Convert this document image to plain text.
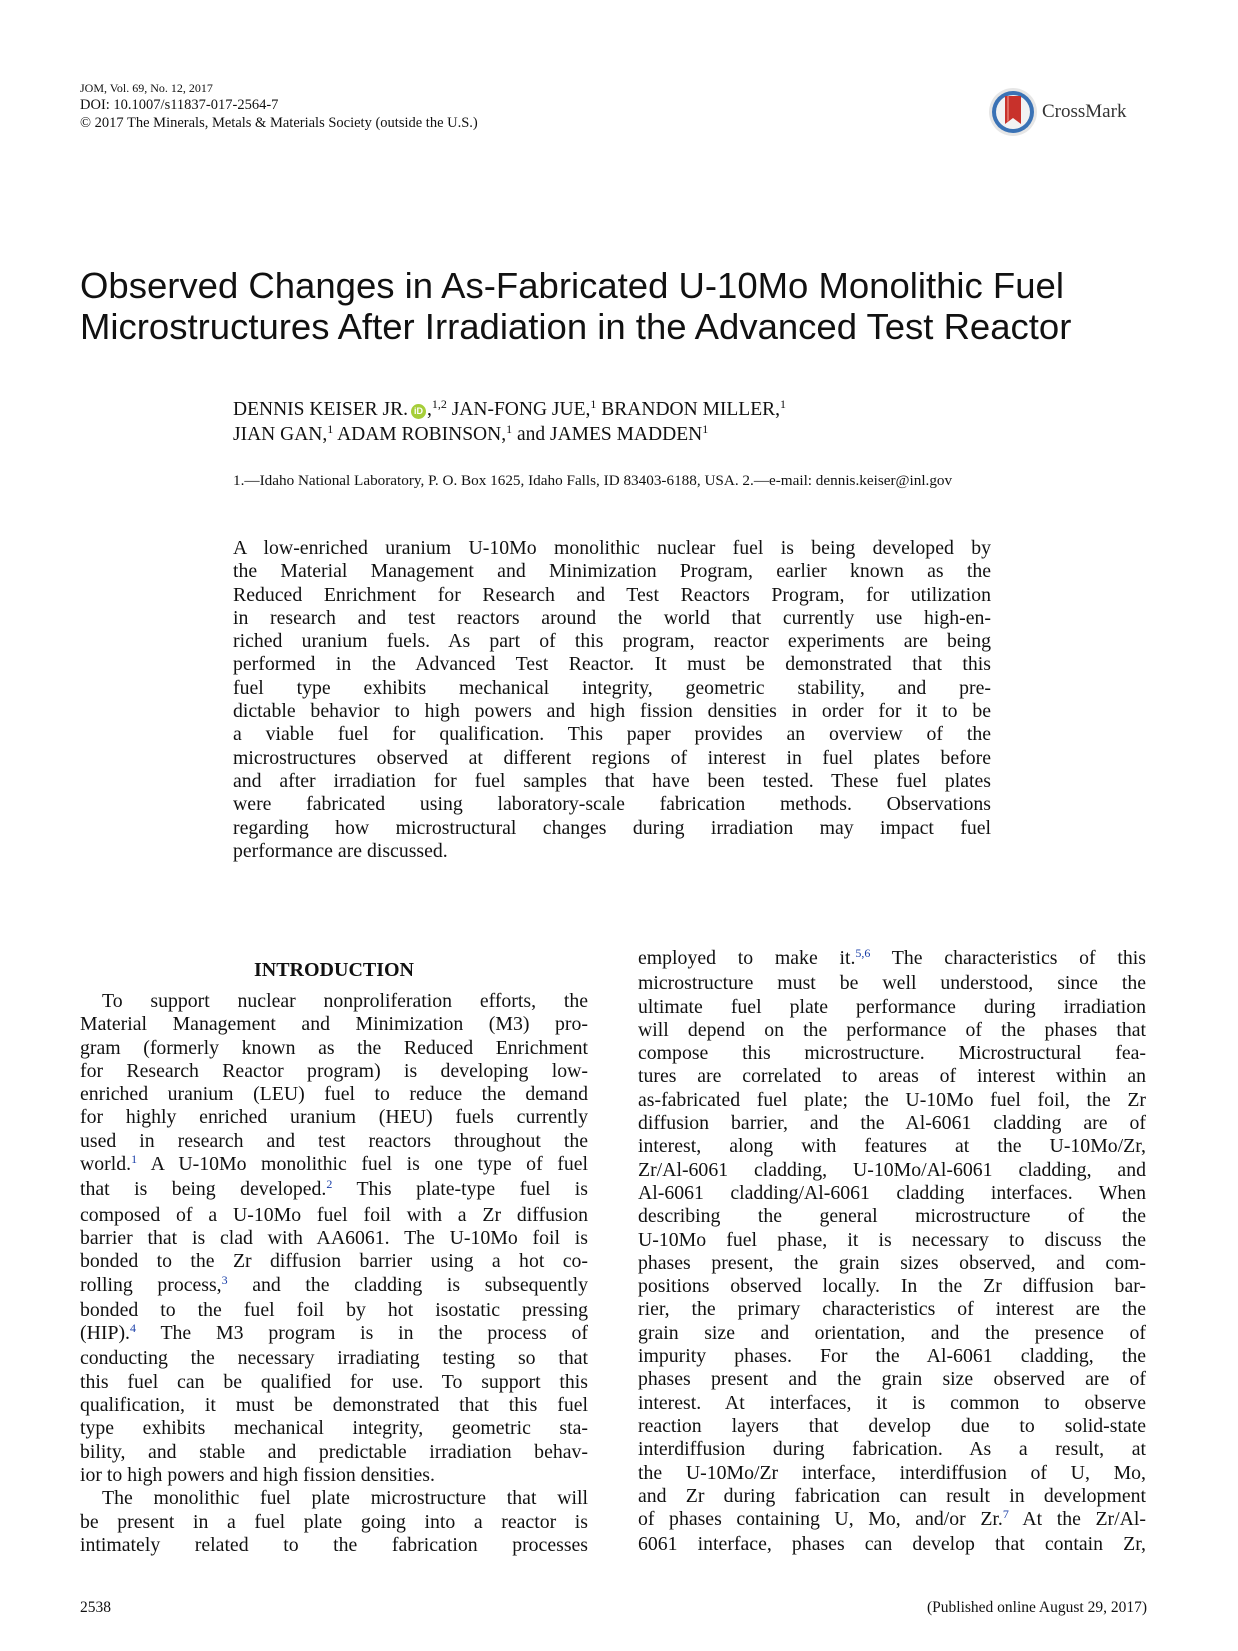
JOM, Vol. 69, No. 12, 2017

DOI: 10.1007/s11837-017-2564-7

© 2017 The Minerals, Metals & Materials Society (outside the U.S.)

CrossMark
Observed Changes in As-Fabricated U-10Mo Monolithic Fuel
Microstructures After Irradiation in the Advanced Test Reactor
DENNIS KEISER JR. iD ,$^{1,2}$ JAN-FONG JUE,$^1$ BRANDON MILLER,$^1$
JIAN GAN,$^1$ ADAM ROBINSON,$^1$ and JAMES MADDEN$^1$
1.—Idaho National Laboratory, P. O. Box 1625, Idaho Falls, ID 83403-6188, USA. 2.—e-mail: dennis.keiser@inl.gov
A low-enriched uranium U-10Mo monolithic nuclear fuel is being developed by
the Material Management and Minimization Program, earlier known as the
Reduced Enrichment for Research and Test Reactors Program, for utilization
in research and test reactors around the world that currently use high-en-
riched uranium fuels. As part of this program, reactor experiments are being
performed in the Advanced Test Reactor. It must be demonstrated that this
fuel type exhibits mechanical integrity, geometric stability, and pre-
dictable behavior to high powers and high fission densities in order for it to be
a viable fuel for qualification. This paper provides an overview of the
microstructures observed at different regions of interest in fuel plates before
and after irradiation for fuel samples that have been tested. These fuel plates
were fabricated using laboratory-scale fabrication methods. Observations
regarding how microstructural changes during irradiation may impact fuel
performance are discussed.
INTRODUCTION
To support nuclear nonproliferation efforts, the
Material Management and Minimization (M3) pro-
gram (formerly known as the Reduced Enrichment
for Research Reactor program) is developing low-
enriched uranium (LEU) fuel to reduce the demand
for highly enriched uranium (HEU) fuels currently
used in research and test reactors throughout the
world.$^1$ A U-10Mo monolithic fuel is one type of fuel
that is being developed.$^2$ This plate-type fuel is
composed of a U-10Mo fuel foil with a Zr diffusion
barrier that is clad with AA6061. The U-10Mo foil is
bonded to the Zr diffusion barrier using a hot co-
rolling process,$^3$ and the cladding is subsequently
bonded to the fuel foil by hot isostatic pressing
(HIP).$^4$ The M3 program is in the process of
conducting the necessary irradiating testing so that
this fuel can be qualified for use. To support this
qualification, it must be demonstrated that this fuel
type exhibits mechanical integrity, geometric sta-
bility, and stable and predictable irradiation behav-
ior to high powers and high fission densities.
The monolithic fuel plate microstructure that will
be present in a fuel plate going into a reactor is
intimately related to the fabrication processes
employed to make it.$^{5,6}$ The characteristics of this
microstructure must be well understood, since the
ultimate fuel plate performance during irradiation
will depend on the performance of the phases that
compose this microstructure. Microstructural fea-
tures are correlated to areas of interest within an
as-fabricated fuel plate; the U-10Mo fuel foil, the Zr
diffusion barrier, and the Al-6061 cladding are of
interest, along with features at the U-10Mo/Zr,
Zr/Al-6061 cladding, U-10Mo/Al-6061 cladding, and
Al-6061 cladding/Al-6061 cladding interfaces. When
describing the general microstructure of the
U-10Mo fuel phase, it is necessary to discuss the
phases present, the grain sizes observed, and com-
positions observed locally. In the Zr diffusion bar-
rier, the primary characteristics of interest are the
grain size and orientation, and the presence of
impurity phases. For the Al-6061 cladding, the
phases present and the grain size observed are of
interest. At interfaces, it is common to observe
reaction layers that develop due to solid-state
interdiffusion during fabrication. As a result, at
the U-10Mo/Zr interface, interdiffusion of U, Mo,
and Zr during fabrication can result in development
of phases containing U, Mo, and/or Zr.$^7$ At the Zr/Al-
6061 interface, phases can develop that contain Zr,
2538	(Published online August 29, 2017)
